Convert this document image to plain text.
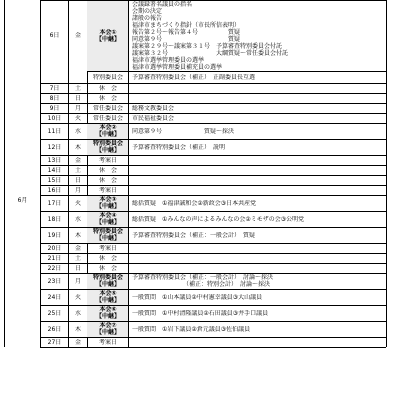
6月
6日	金	本会①
【中継】
会議録署名議員の指名
会期の決定
諸般の報告
福津市まちづくり指針（市長所信表明）
報告第２号～報告第４号　　　　　質疑
同意第９号　　　　　　　　　　　質疑
議案第２９号～議案第３１号　予算審査特別委員会付託
議案第３２号　　　　　　　　大綱質疑～常任委員会付託
福津市選挙管理委員の選挙
福津市選挙管理委員補充員の選挙
特別委員会	予算審査特別委員会（補正）　正副委員長互選
7日	土	休　会
8日	日	休　会
9日	月	常任委員会	総務文教委員会
10日	火	常任委員会	市民福祉委員会
11日	水	本会②
【中継】	同意第９号　　　　　　　質疑～採決
12日	木	特別委員会
【中継】	予算審査特別委員会（補正）　説明
13日	金	考案日
14日	土	休　会
15日	日	休　会
16日	月	考案日
17日	火	本会③
【中継】	総括質疑　①福津誠和会②新政会③日本共産党
18日	水	本会④
【中継】	総括質疑　①みんなの声によるみんなの会②ミモザの会③公明党
19日	木	特別委員会
【中継】	予算審査特別委員会（補正：一般会計）　質疑
20日	金	考案日
21日	土	休　会
22日	日	休　会
23日	月	特別委員会
【中継】
予算審査特別委員会（補正：一般会計）　討論～採決
　　　　　　　　　（補正：特別会計）　討論～採決
24日	火	本会⑤
【中継】	一般質問　①山本議員②中村憲幸議員③大山議員
25日	水	本会⑥
【中継】	一般質問　①中村清隆議員②石田議員③井手口議員
26日	木	本会⑦
【中継】	一般質問　①岩下議員②倉元議員③佐伯議員
27日	金	考案日
